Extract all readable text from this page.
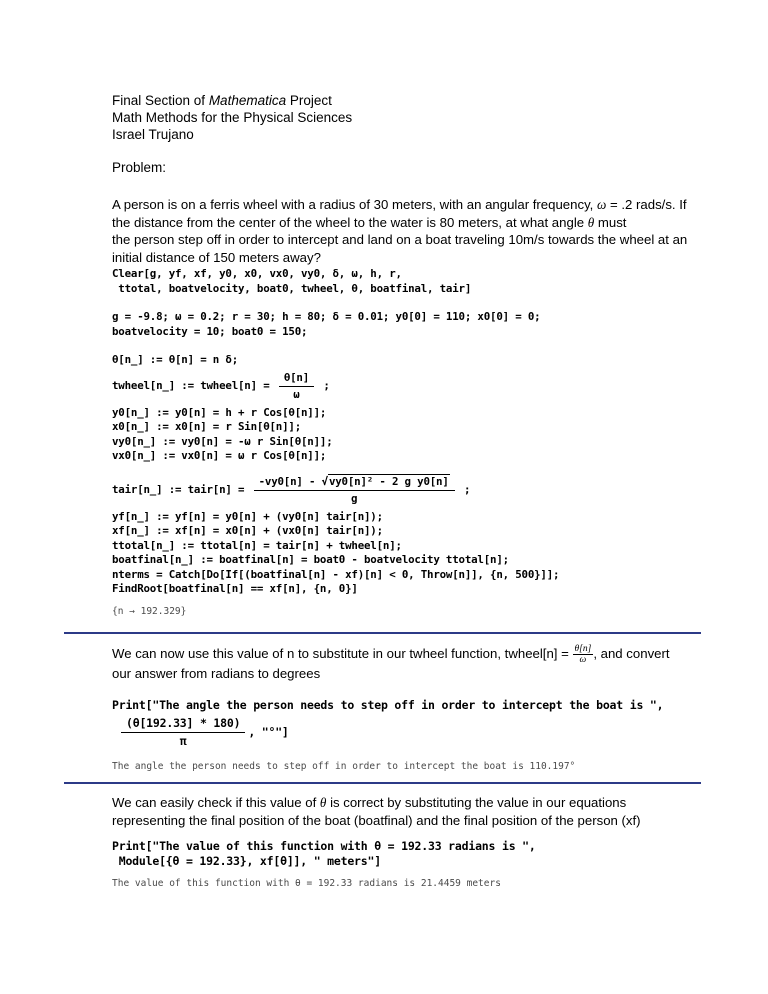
Final Section of Mathematica Project
Math Methods for the Physical Sciences
Israel Trujano
Problem:
A person is on a ferris wheel with a radius of 30 meters, with an angular frequency, ω = .2 rads/s. If the distance from the center of the wheel to the water is 80 meters, at what angle θ must
the person step off in order to intercept and land on a boat traveling 10m/s towards the wheel at an initial distance of 150 meters away?
Clear[g, yf, xf, y0, x0, vx0, vy0, δ, ω, h, r,
ttotal, boatvelocity, boat0, twheel, θ, boatfinal, tair]
g = -9.8; ω = 0.2; r = 30; h = 80; δ = 0.01; y0[0] = 110; x0[0] = 0;
boatvelocity = 10; boat0 = 150;
θ[n_] := θ[n] = n δ;
twheel[n_] := twheel[n] = $\frac{\theta[n]}{\omega}$ ;
y0[n_] := y0[n] = h + r Cos[θ[n]];
x0[n_] := x0[n] = r Sin[θ[n]];
vy0[n_] := vy0[n] = -ω r Sin[θ[n]];
vx0[n_] := vx0[n] = ω r Cos[θ[n]];
tair[n_] := tair[n] = $\frac{\text{-vy0[n] - √vy0[n]² - 2 g y0[n]}}{g}$ ;
yf[n_] := yf[n] = y0[n] + (vy0[n] tair[n]);
xf[n_] := xf[n] = x0[n] + (vx0[n] tair[n]);
ttotal[n_] := ttotal[n] = tair[n] + twheel[n];
boatfinal[n_] := boatfinal[n] = boat0 - boatvelocity ttotal[n];
nterms = Catch[Do[If[(boatfinal[n] - xf)[n] < 0, Throw[n]], {n, 500}]];
FindRoot[boatfinal[n] == xf[n], {n, 0}]
{n → 192.329}
We can now use this value of n to substitute in our twheel function, twheel[n] = $\frac{\theta[n]}{\omega}$ , and convert our answer from radians to degrees
Print["The angle the person needs to step off in order to intercept the boat is ",
$\frac{(\theta[192.33] * 180)}{\pi}$ , "°"]
The angle the person needs to step off in order to intercept the boat is 110.197°
We can easily check if this value of θ is correct by substituting the value in our equations representing the final position of the boat (boatfinal) and the final position of the person (xf)
Print["The value of this function with θ = 192.33 radians is ",
Module[{θ = 192.33}, xf[θ]], " meters"]
The value of this function with θ = 192.33 radians is 21.4459 meters
